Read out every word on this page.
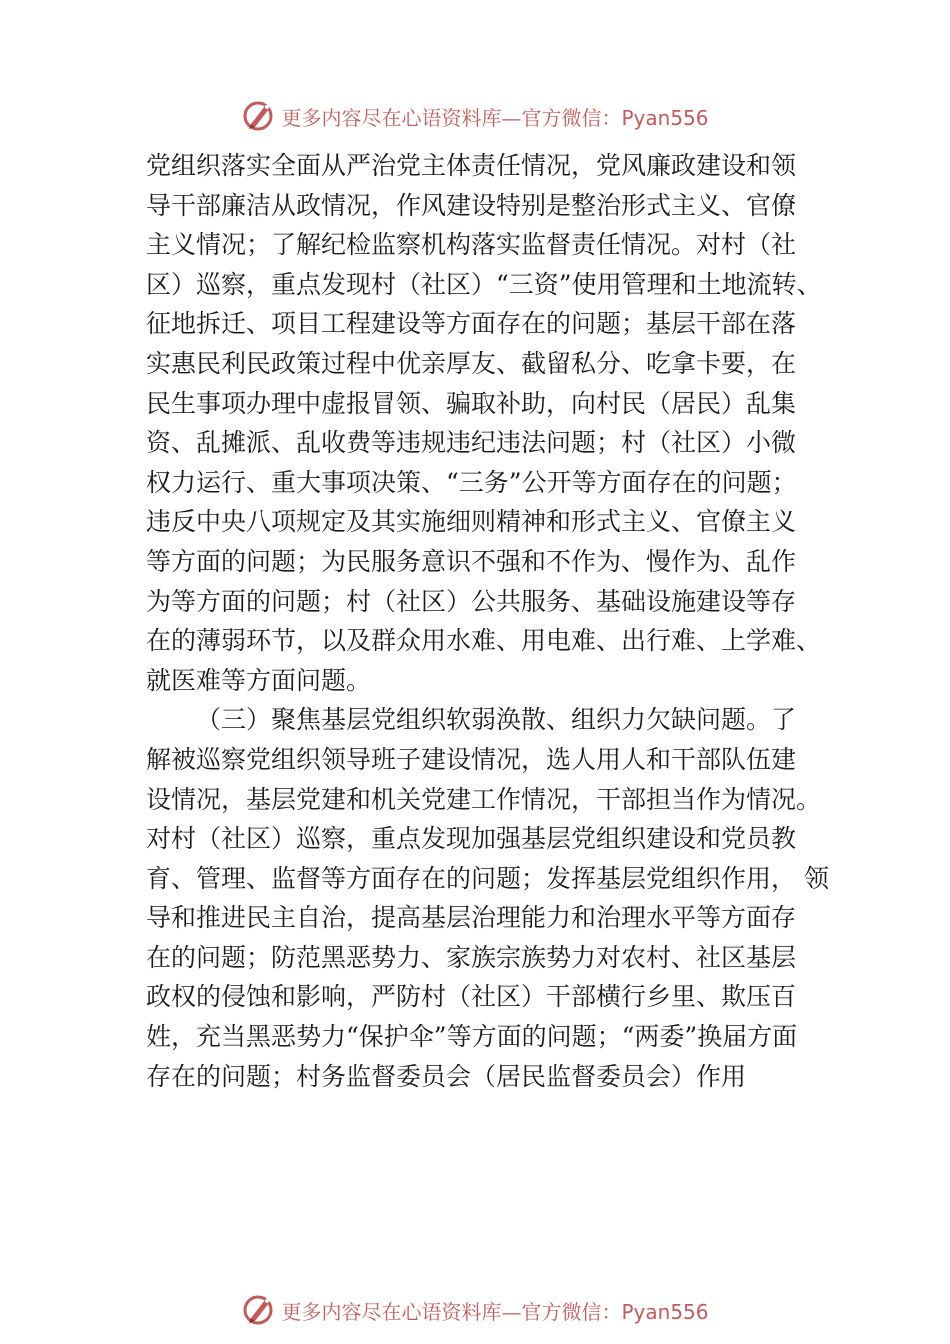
更多内容尽在心语资料库—官方微信：Pyan556
党组织落实全面从严治党主体责任情况，党风廉政建设和领
导干部廉洁从政情况，作风建设特别是整治形式主义、官僚
主义情况；了解纪检监察机构落实监督责任情况。对村（社
区）巡察，重点发现村（社区）“三资”使用管理和土地流转、
征地拆迁、项目工程建设等方面存在的问题；基层干部在落
实惠民利民政策过程中优亲厚友、截留私分、吃拿卡要，在
民生事项办理中虚报冒领、骗取补助，向村民（居民）乱集
资、乱摊派、乱收费等违规违纪违法问题；村（社区）小微
权力运行、重大事项决策、“三务”公开等方面存在的问题；
违反中央八项规定及其实施细则精神和形式主义、官僚主义
等方面的问题；为民服务意识不强和不作为、慢作为、乱作
为等方面的问题；村（社区）公共服务、基础设施建设等存
在的薄弱环节，以及群众用水难、用电难、出行难、上学难、
就医难等方面问题。
（三）聚焦基层党组织软弱涣散、组织力欠缺问题。了
解被巡察党组织领导班子建设情况，选人用人和干部队伍建
设情况，基层党建和机关党建工作情况，干部担当作为情况。
对村（社区）巡察，重点发现加强基层党组织建设和党员教
育、管理、监督等方面存在的问题；发挥基层党组织作用， 领
导和推进民主自治，提高基层治理能力和治理水平等方面存
在的问题；防范黑恶势力、家族宗族势力对农村、社区基层
政权的侵蚀和影响，严防村（社区）干部横行乡里、欺压百
姓，充当黑恶势力“保护伞”等方面的问题；“两委”换届方面
存在的问题；村务监督委员会（居民监督委员会）作用
更多内容尽在心语资料库—官方微信：Pyan556
